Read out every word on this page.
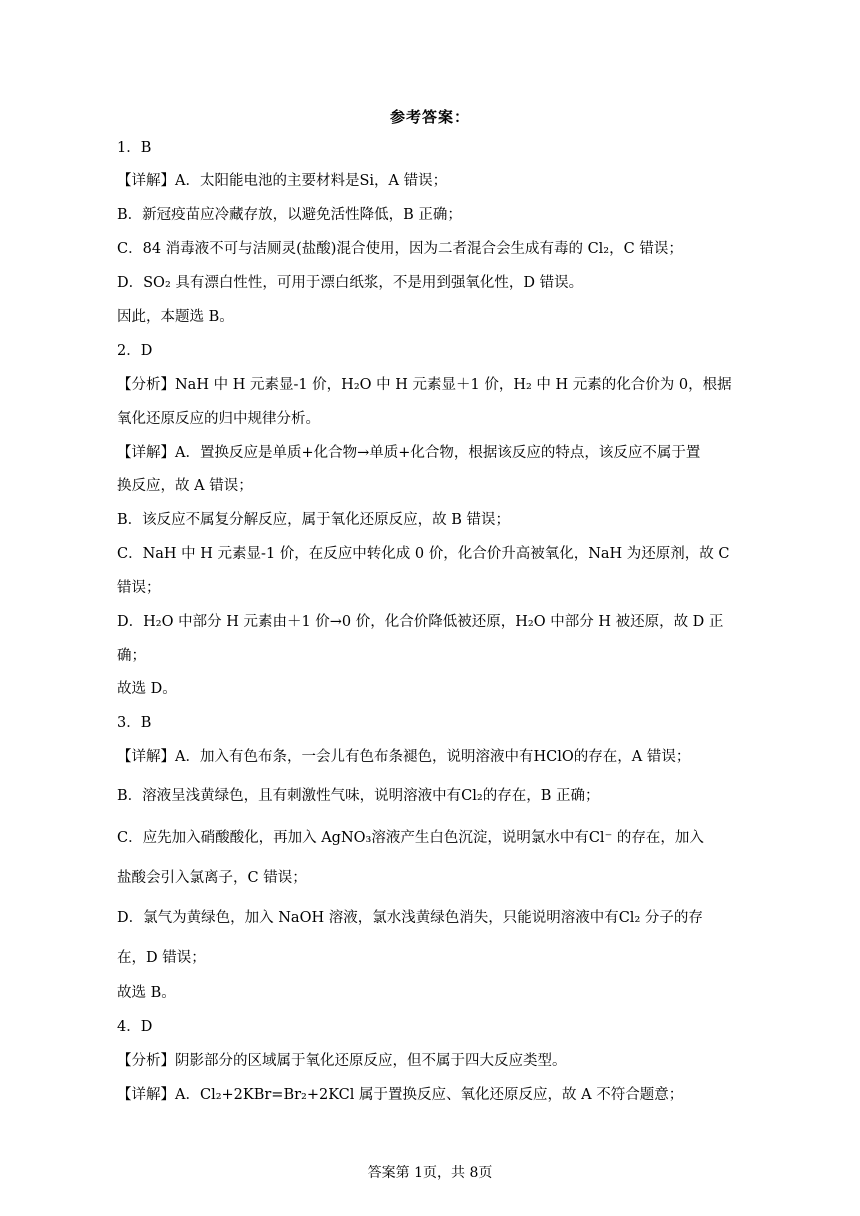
参考答案：
1．B
【详解】A．太阳能电池的主要材料是Si，A 错误；
B．新冠疫苗应冷藏存放，以避免活性降低，B 正确；
C．84 消毒液不可与洁厕灵(盐酸)混合使用，因为二者混合会生成有毒的 Cl₂，C 错误；
D．SO₂ 具有漂白性性，可用于漂白纸浆，不是用到强氧化性，D 错误。
因此，本题选 B。
2．D
【分析】NaH 中 H 元素显-1 价，H₂O 中 H 元素显＋1 价，H₂ 中 H 元素的化合价为 0，根据
氧化还原反应的归中规律分析。
【详解】A．置换反应是单质+化合物→单质+化合物，根据该反应的特点，该反应不属于置
换反应，故 A 错误；
B．该反应不属复分解反应，属于氧化还原反应，故 B 错误；
C．NaH 中 H 元素显-1 价，在反应中转化成 0 价，化合价升高被氧化，NaH 为还原剂，故 C
错误；
D．H₂O 中部分 H 元素由＋1 价→0 价，化合价降低被还原，H₂O 中部分 H 被还原，故 D 正
确；
故选 D。
3．B
【详解】A．加入有色布条，一会儿有色布条褪色，说明溶液中有HClO的存在，A 错误；
B．溶液呈浅黄绿色，且有刺激性气味，说明溶液中有Cl₂的存在，B 正确；
C．应先加入硝酸酸化，再加入 AgNO₃溶液产生白色沉淀，说明氯水中有Cl⁻ 的存在，加入
盐酸会引入氯离子，C 错误；
D．氯气为黄绿色，加入 NaOH 溶液，氯水浅黄绿色消失，只能说明溶液中有Cl₂ 分子的存
在，D 错误；
故选 B。
4．D
【分析】阴影部分的区域属于氧化还原反应，但不属于四大反应类型。
【详解】A．Cl₂+2KBr=Br₂+2KCl 属于置换反应、氧化还原反应，故 A 不符合题意；
答案第 1页，共 8页
